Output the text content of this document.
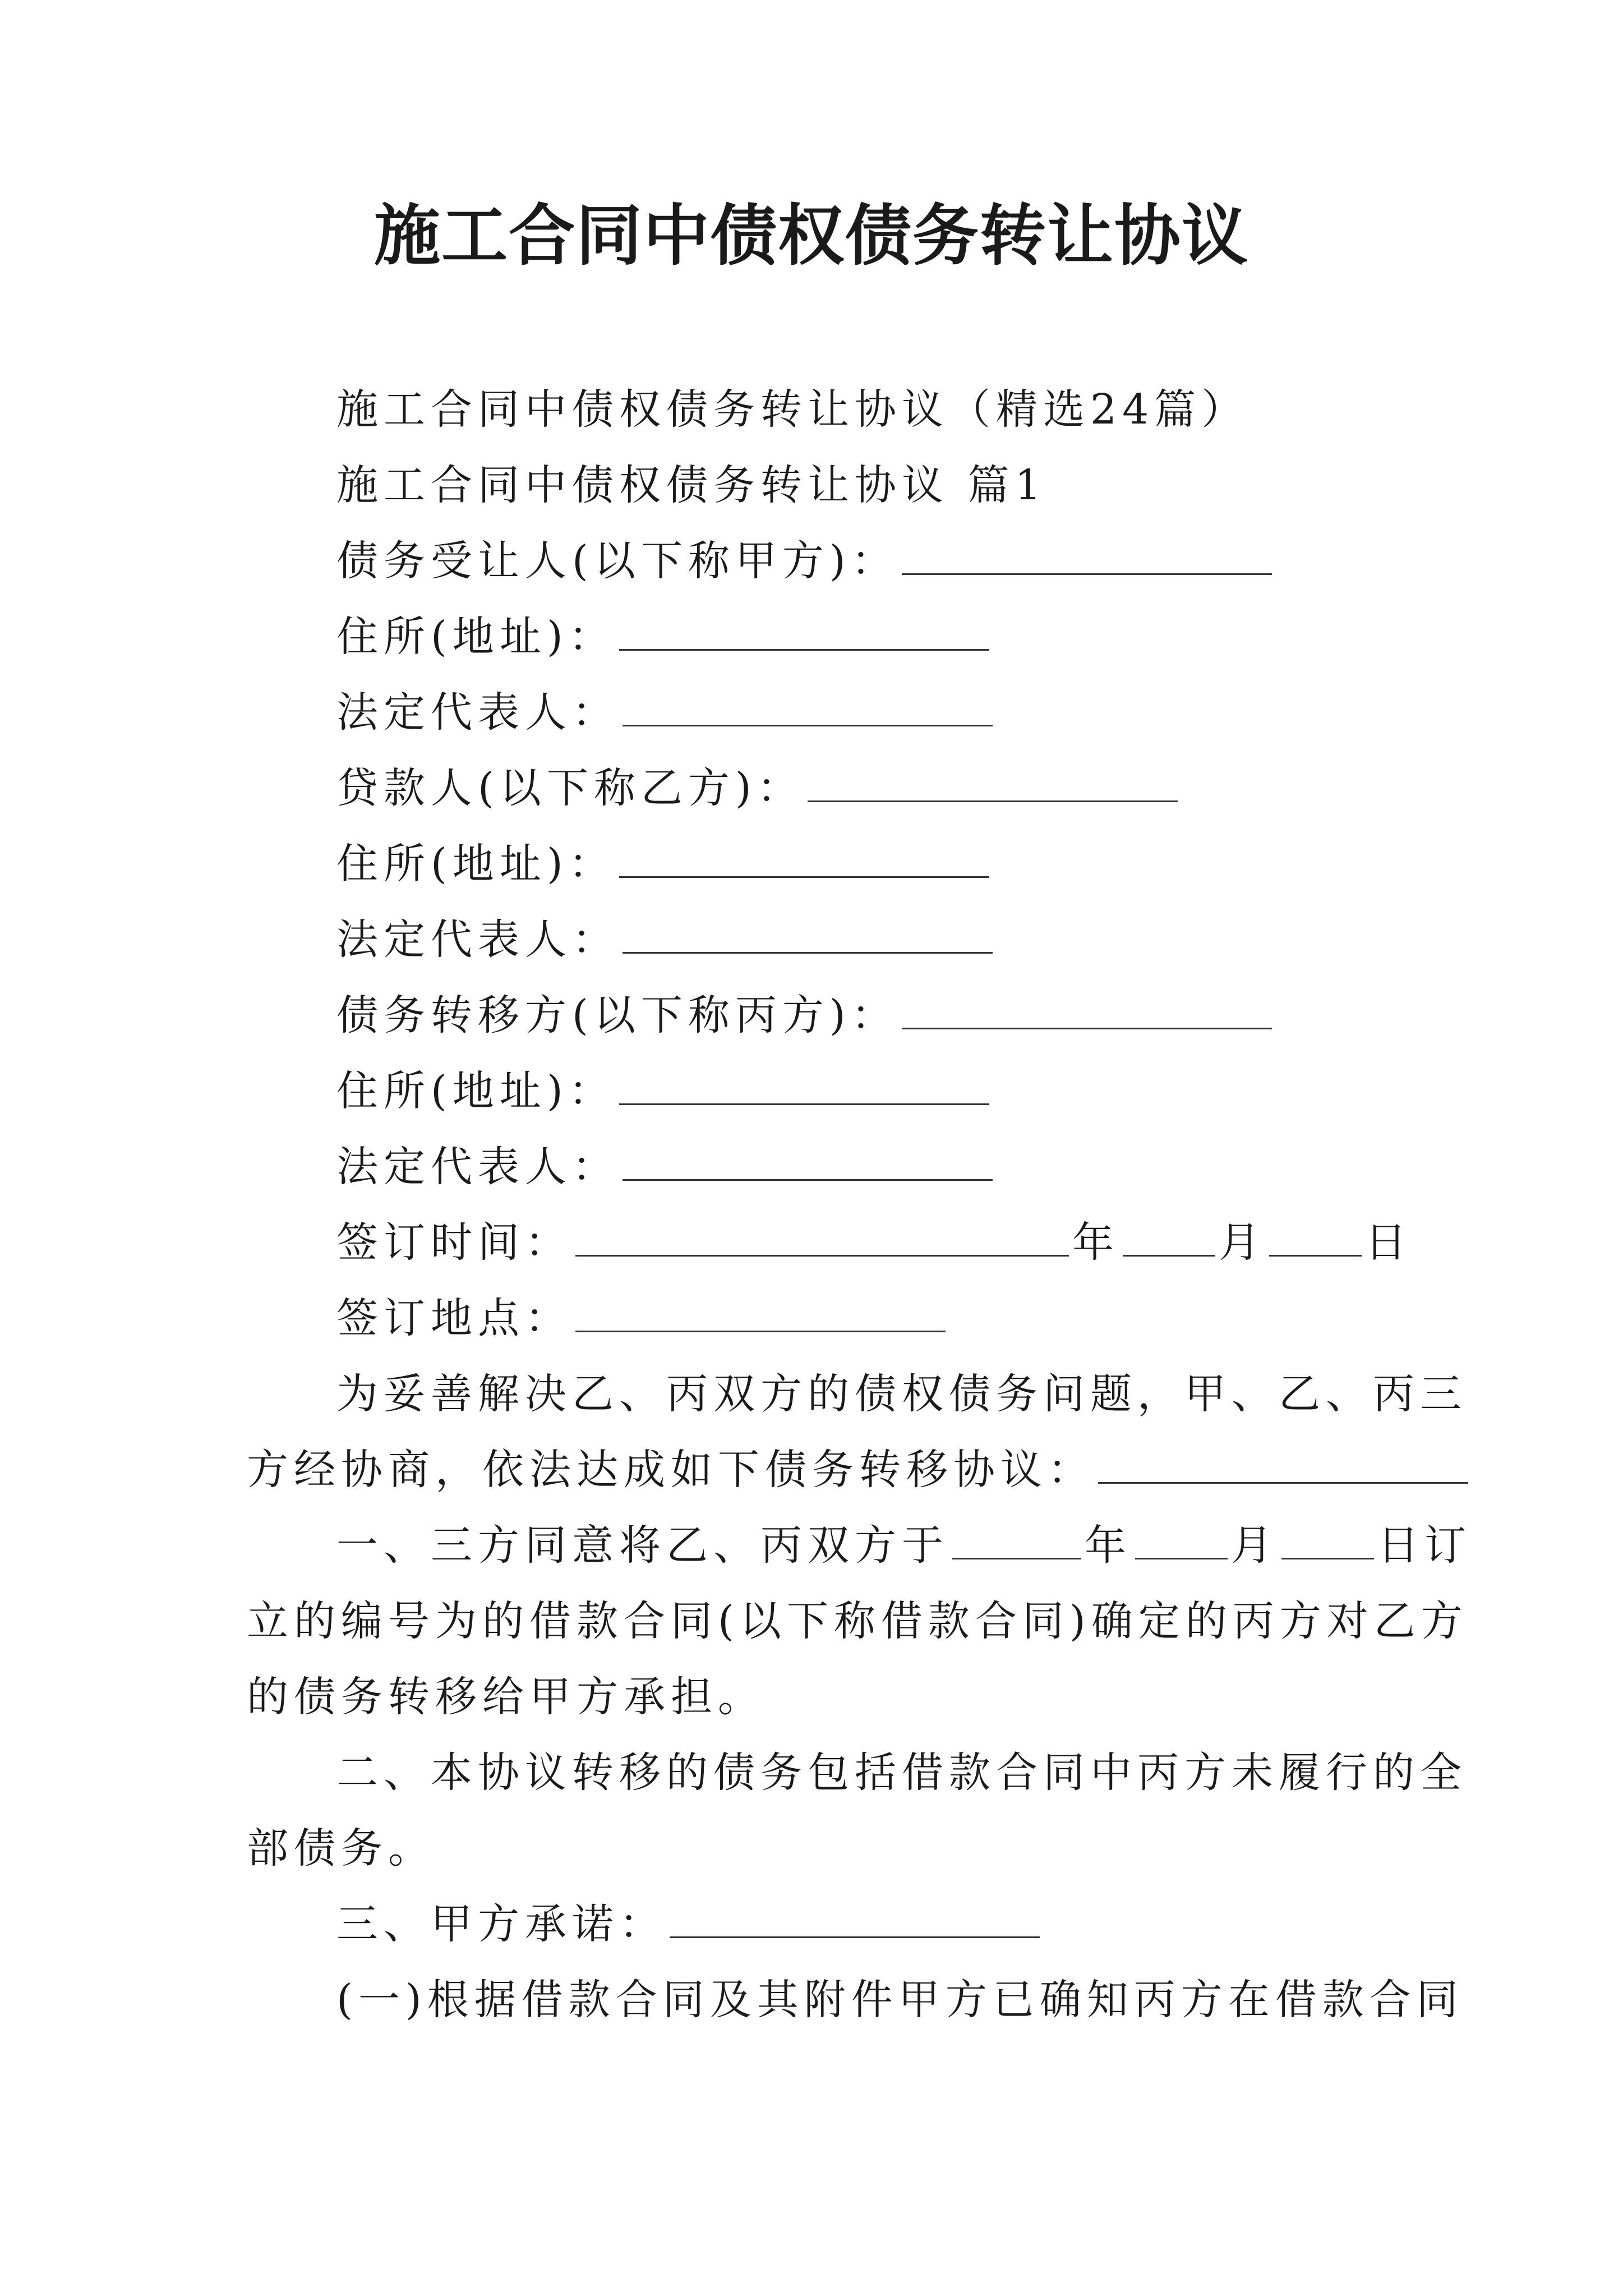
施工合同中债权债务转让协议
施工合同中债权债务转让协议（精选24篇）
施工合同中债权债务转让协议 篇1
债务受让人(以下称甲方)：
住所(地址)：
法定代表人：
贷款人(以下称乙方)：
住所(地址)：
法定代表人：
债务转移方(以下称丙方)：
住所(地址)：
法定代表人：
签订时间：	年 月 日
签订地点：
为妥善解决乙、丙双方的债权债务问题，甲、乙、丙三
方经协商，依法达成如下债务转移协议：
一、三方同意将乙、丙双方于	年 月 日订
立的编号为的借款合同(以下称借款合同)确定的丙方对乙方
的债务转移给甲方承担。
二、本协议转移的债务包括借款合同中丙方未履行的全
部债务。
三、甲方承诺：
(一)根据借款合同及其附件甲方已确知丙方在借款合同
